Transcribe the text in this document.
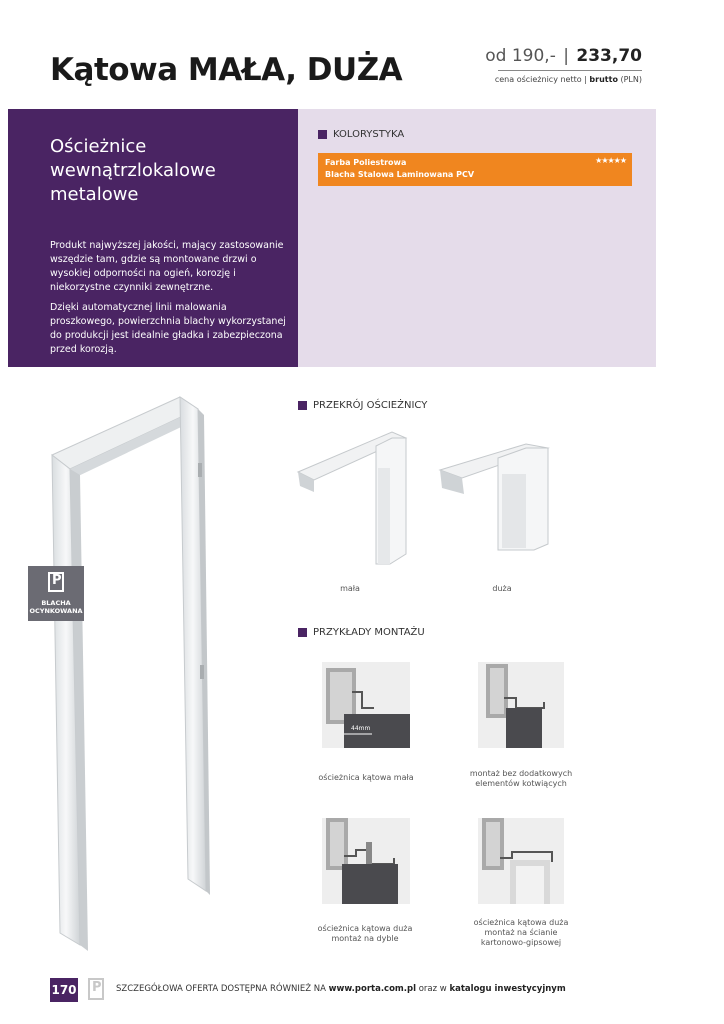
Kątowa MAŁA, DUŻA	od 190,- | 233,70
cena ościeżnicy netto | brutto (PLN)
Ościeżnice wewnątrzlokalowe metalowe

Produkt najwyższej jakości, mający zastosowanie wszędzie tam, gdzie są montowane drzwi o wysokiej odporności na ogień, korozję i niekorzystne czynniki zewnętrzne.

Dzięki automatycznej linii malowania proszkowego, powierzchnia blachy wykorzystanej do produkcji jest idealnie gładka i zabezpieczona przed korozją.

KOLORYSTYKA
Farba Poliestrowa
Blacha Stalowa Laminowana PCV
★★★★★
P
BLACHA
OCYNKOWANA
PRZEKRÓJ OŚCIEŻNICY
mała	duża
PRZYKŁADY MONTAŻU
44mm
ościeżnica kątowa mała	montaż bez dodatkowych
elementów kotwiących
ościeżnica kątowa duża
montaż na dyble
ościeżnica kątowa duża
montaż na ścianie
kartonowo-gipsowej
170
P	SZCZEGÓŁOWA OFERTA DOSTĘPNA RÓWNIEŻ NA www.porta.com.pl oraz w katalogu inwestycyjnym
